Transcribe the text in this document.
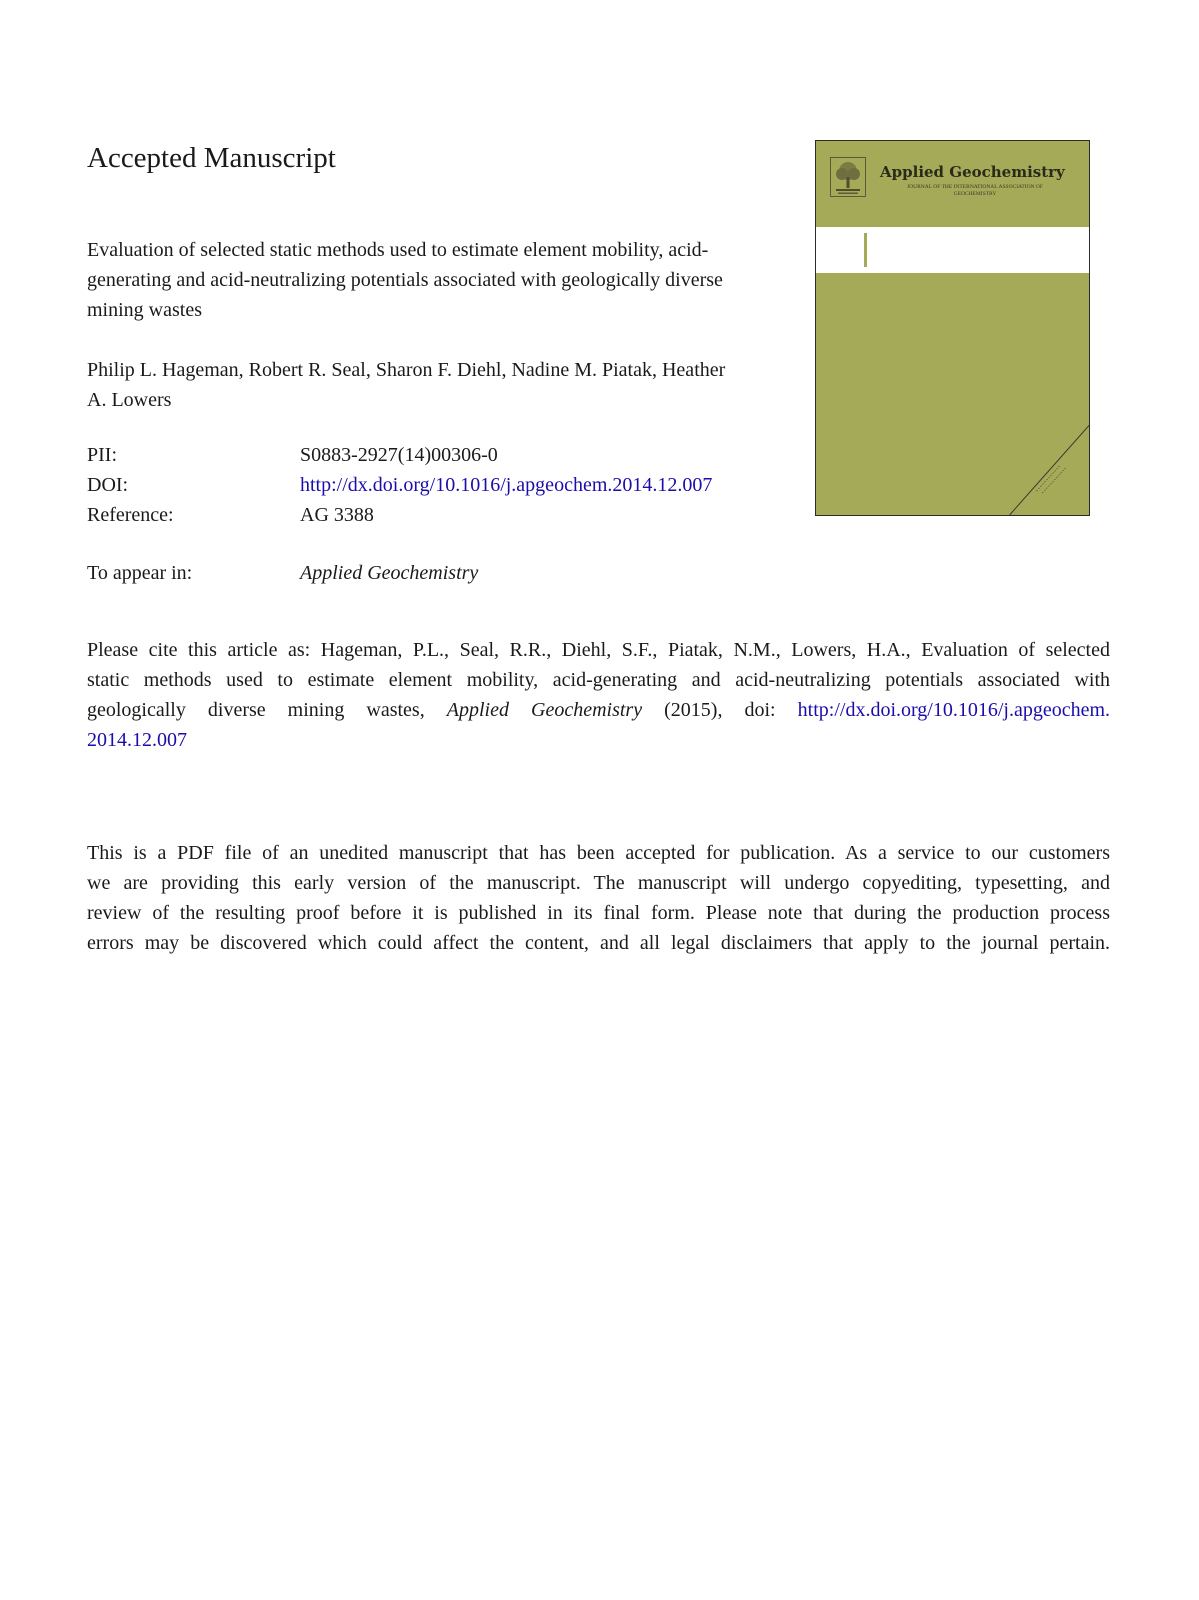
Accepted Manuscript
Evaluation of selected static methods used to estimate element mobility, acid-
generating and acid-neutralizing potentials associated with geologically diverse
mining wastes
Philip L. Hageman, Robert R. Seal, Sharon F. Diehl, Nadine M. Piatak, Heather
A. Lowers
PII:	S0883-2927(14)00306-0
DOI:	http://dx.doi.org/10.1016/j.apgeochem.2014.12.007
Reference:	AG 3388
To appear in:	Applied Geochemistry
Please cite this article as: Hageman, P.L., Seal, R.R., Diehl, S.F., Piatak, N.M., Lowers, H.A., Evaluation of selected
static methods used to estimate element mobility, acid-generating and acid-neutralizing potentials associated with
geologically diverse mining wastes, Applied Geochemistry (2015), doi: http://dx.doi.org/10.1016/j.apgeochem.
2014.12.007
This is a PDF file of an unedited manuscript that has been accepted for publication. As a service to our customers
we are providing this early version of the manuscript. The manuscript will undergo copyediting, typesetting, and
review of the resulting proof before it is published in its final form. Please note that during the production process
errors may be discovered which could affect the content, and all legal disclaimers that apply to the journal pertain.
Applied Geochemistry
JOURNAL OF THE INTERNATIONAL ASSOCIATION OF
GEOCHEMISTRY
